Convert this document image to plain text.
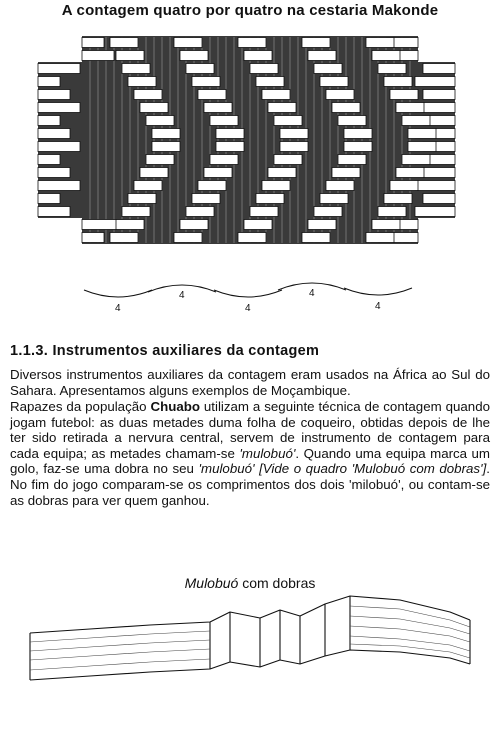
A contagem quatro por quatro na cestaria Makonde
4
4
4
4
4
1.1.3. Instrumentos auxiliares da contagem
Diversos instrumentos auxiliares da contagem eram usados na África ao Sul do Sahara. Apresentamos alguns exemplos de Moçambique.
Rapazes da população Chuabo utilizam a seguinte técnica de contagem quando jogam futebol: as duas metades duma folha de coqueiro, obtidas depois de lhe ter sido retirada a nervura central, servem de instrumento de contagem para cada equipa; as metades chamam-se 'mulobuó'. Quando uma equipa marca um golo, faz-se uma dobra no seu 'mulobuó' [Vide o quadro 'Mulobuó com dobras']. No fim do jogo comparam-se os comprimentos dos dois 'milobuó', ou contam-se as dobras para ver quem ganhou.
Mulobuó com dobras
